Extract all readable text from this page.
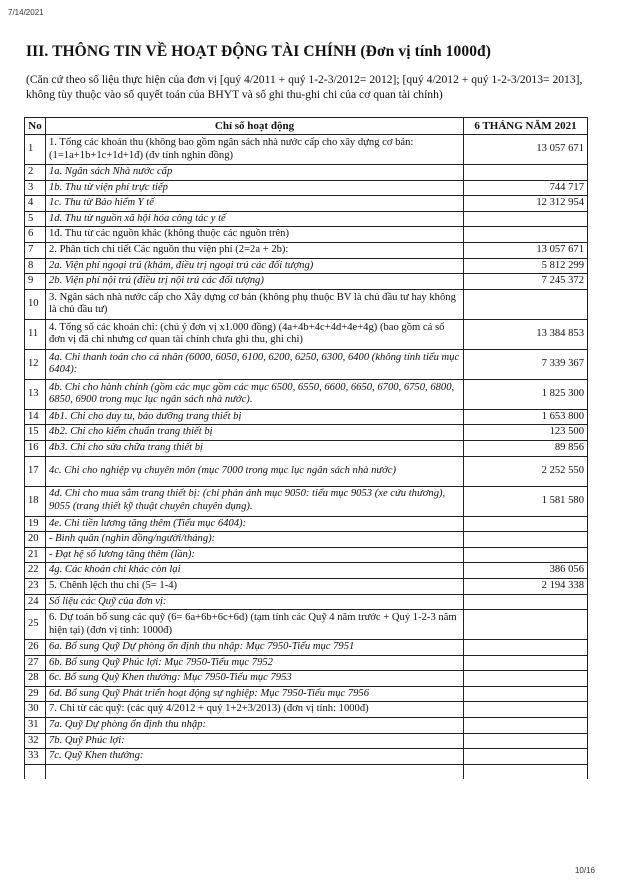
7/14/2021
III. THÔNG TIN VỀ HOẠT ĐỘNG TÀI CHÍNH (Đơn vị tính 1000đ)
(Căn cứ theo số liệu thực hiện của đơn vị [quý 4/2011 + quý 1-2-3/2012= 2012]; [quý 4/2012 + quý 1-2-3/2013= 2013], không tùy thuộc vào số quyết toán của BHYT và số ghi thu-ghi chi của cơ quan tài chính)
No	Chỉ số hoạt động	6 THÁNG NĂM 2021
1	1. Tổng các khoản thu (không bao gồm ngân sách nhà nước cấp cho xây dựng cơ bản: (1=1a+1b+1c+1d+1đ) (đv tính nghìn đồng)	13 057 671
2	1a. Ngân sách Nhà nước cấp	
3	1b. Thu từ viện phí trực tiếp	744 717
4	1c. Thu từ Bảo hiểm Y tế	12 312 954
5	1d. Thu từ nguồn xã hội hóa công tác y tế	
6	1đ. Thu từ các nguồn khác (không thuộc các nguồn trên)	
7	2. Phân tích chi tiết Các nguồn thu viện phí (2=2a + 2b):	13 057 671
8	2a. Viện phí ngoại trú (khám, điều trị ngoại trú các đối tượng)	5 812 299
9	2b. Viện phí nội trú (điều trị nội trú các đối tượng)	7 245 372
10	3. Ngân sách nhà nước cấp cho Xây dựng cơ bản (không phụ thuộc BV là chủ đầu tư hay không là chủ đầu tư)	
11	4. Tổng số các khoản chi: (chú ý đơn vị x1.000 đồng) (4a+4b+4c+4d+4e+4g) (bao gồm cả số đơn vị đã chi nhưng cơ quan tài chính chưa ghi thu, ghi chi)	13 384 853
12	4a. Chi thanh toán cho cá nhân (6000, 6050, 6100, 6200, 6250, 6300, 6400 (không tính tiểu mục 6404):	7 339 367
13	4b. Chi cho hành chính (gồm các mục gồm các mục 6500, 6550, 6600, 6650, 6700, 6750, 6800, 6850, 6900 trong mục lục ngân sách nhà nước).	1 825 300
14	4b1. Chi cho duy tu, bảo dưỡng trang thiết bị	1 653 800
15	4b2. Chi cho kiểm chuẩn trang thiết bị	123 500
16	4b3. Chi cho sửa chữa trang thiết bị	89 856
17	4c. Chi cho nghiệp vụ chuyên môn (mục 7000 trong mục lục ngân sách nhà nước)	2 252 550
18	4d. Chi cho mua sắm trang thiết bị: (chỉ phản ánh mục 9050: tiểu mục 9053 (xe cứu thương), 9055 (trang thiết kỹ thuật chuyên chuyên dụng).	1 581 580
19	4e. Chi tiền lương tăng thêm (Tiểu mục 6404):	
20	- Bình quân (nghìn đồng/người/tháng):	
21	- Đạt hệ số lương tăng thêm (lần):	
22	4g. Các khoản chi khác còn lại	386 056
23	5. Chênh lệch thu chi (5= 1-4)	2 194 338
24	Số liệu các Quỹ của đơn vị:	
25	6. Dự toán bổ sung các quỹ (6= 6a+6b+6c+6d) (tạm tính các Quỹ 4 năm trước + Quý 1-2-3 năm hiện tại) (đơn vị tính: 1000đ)	
26	6a. Bổ sung Quỹ Dự phòng ổn định thu nhập: Mục 7950-Tiểu mục 7951	
27	6b. Bổ sung Quỹ Phúc lợi: Mục 7950-Tiểu mục 7952	
28	6c. Bổ sung Quỹ Khen thưởng: Mục 7950-Tiểu mục 7953	
29	6d. Bổ sung Quỹ Phát triển hoạt động sự nghiệp: Mục 7950-Tiểu mục 7956	
30	7. Chi từ các quỹ: (các quý 4/2012 + quý 1+2+3/2013) (đơn vị tính: 1000đ)	
31	7a. Quỹ Dự phòng ổn định thu nhập:	
32	7b. Quỹ Phúc lợi:	
33	7c. Quỹ Khen thưởng:	

10/16
